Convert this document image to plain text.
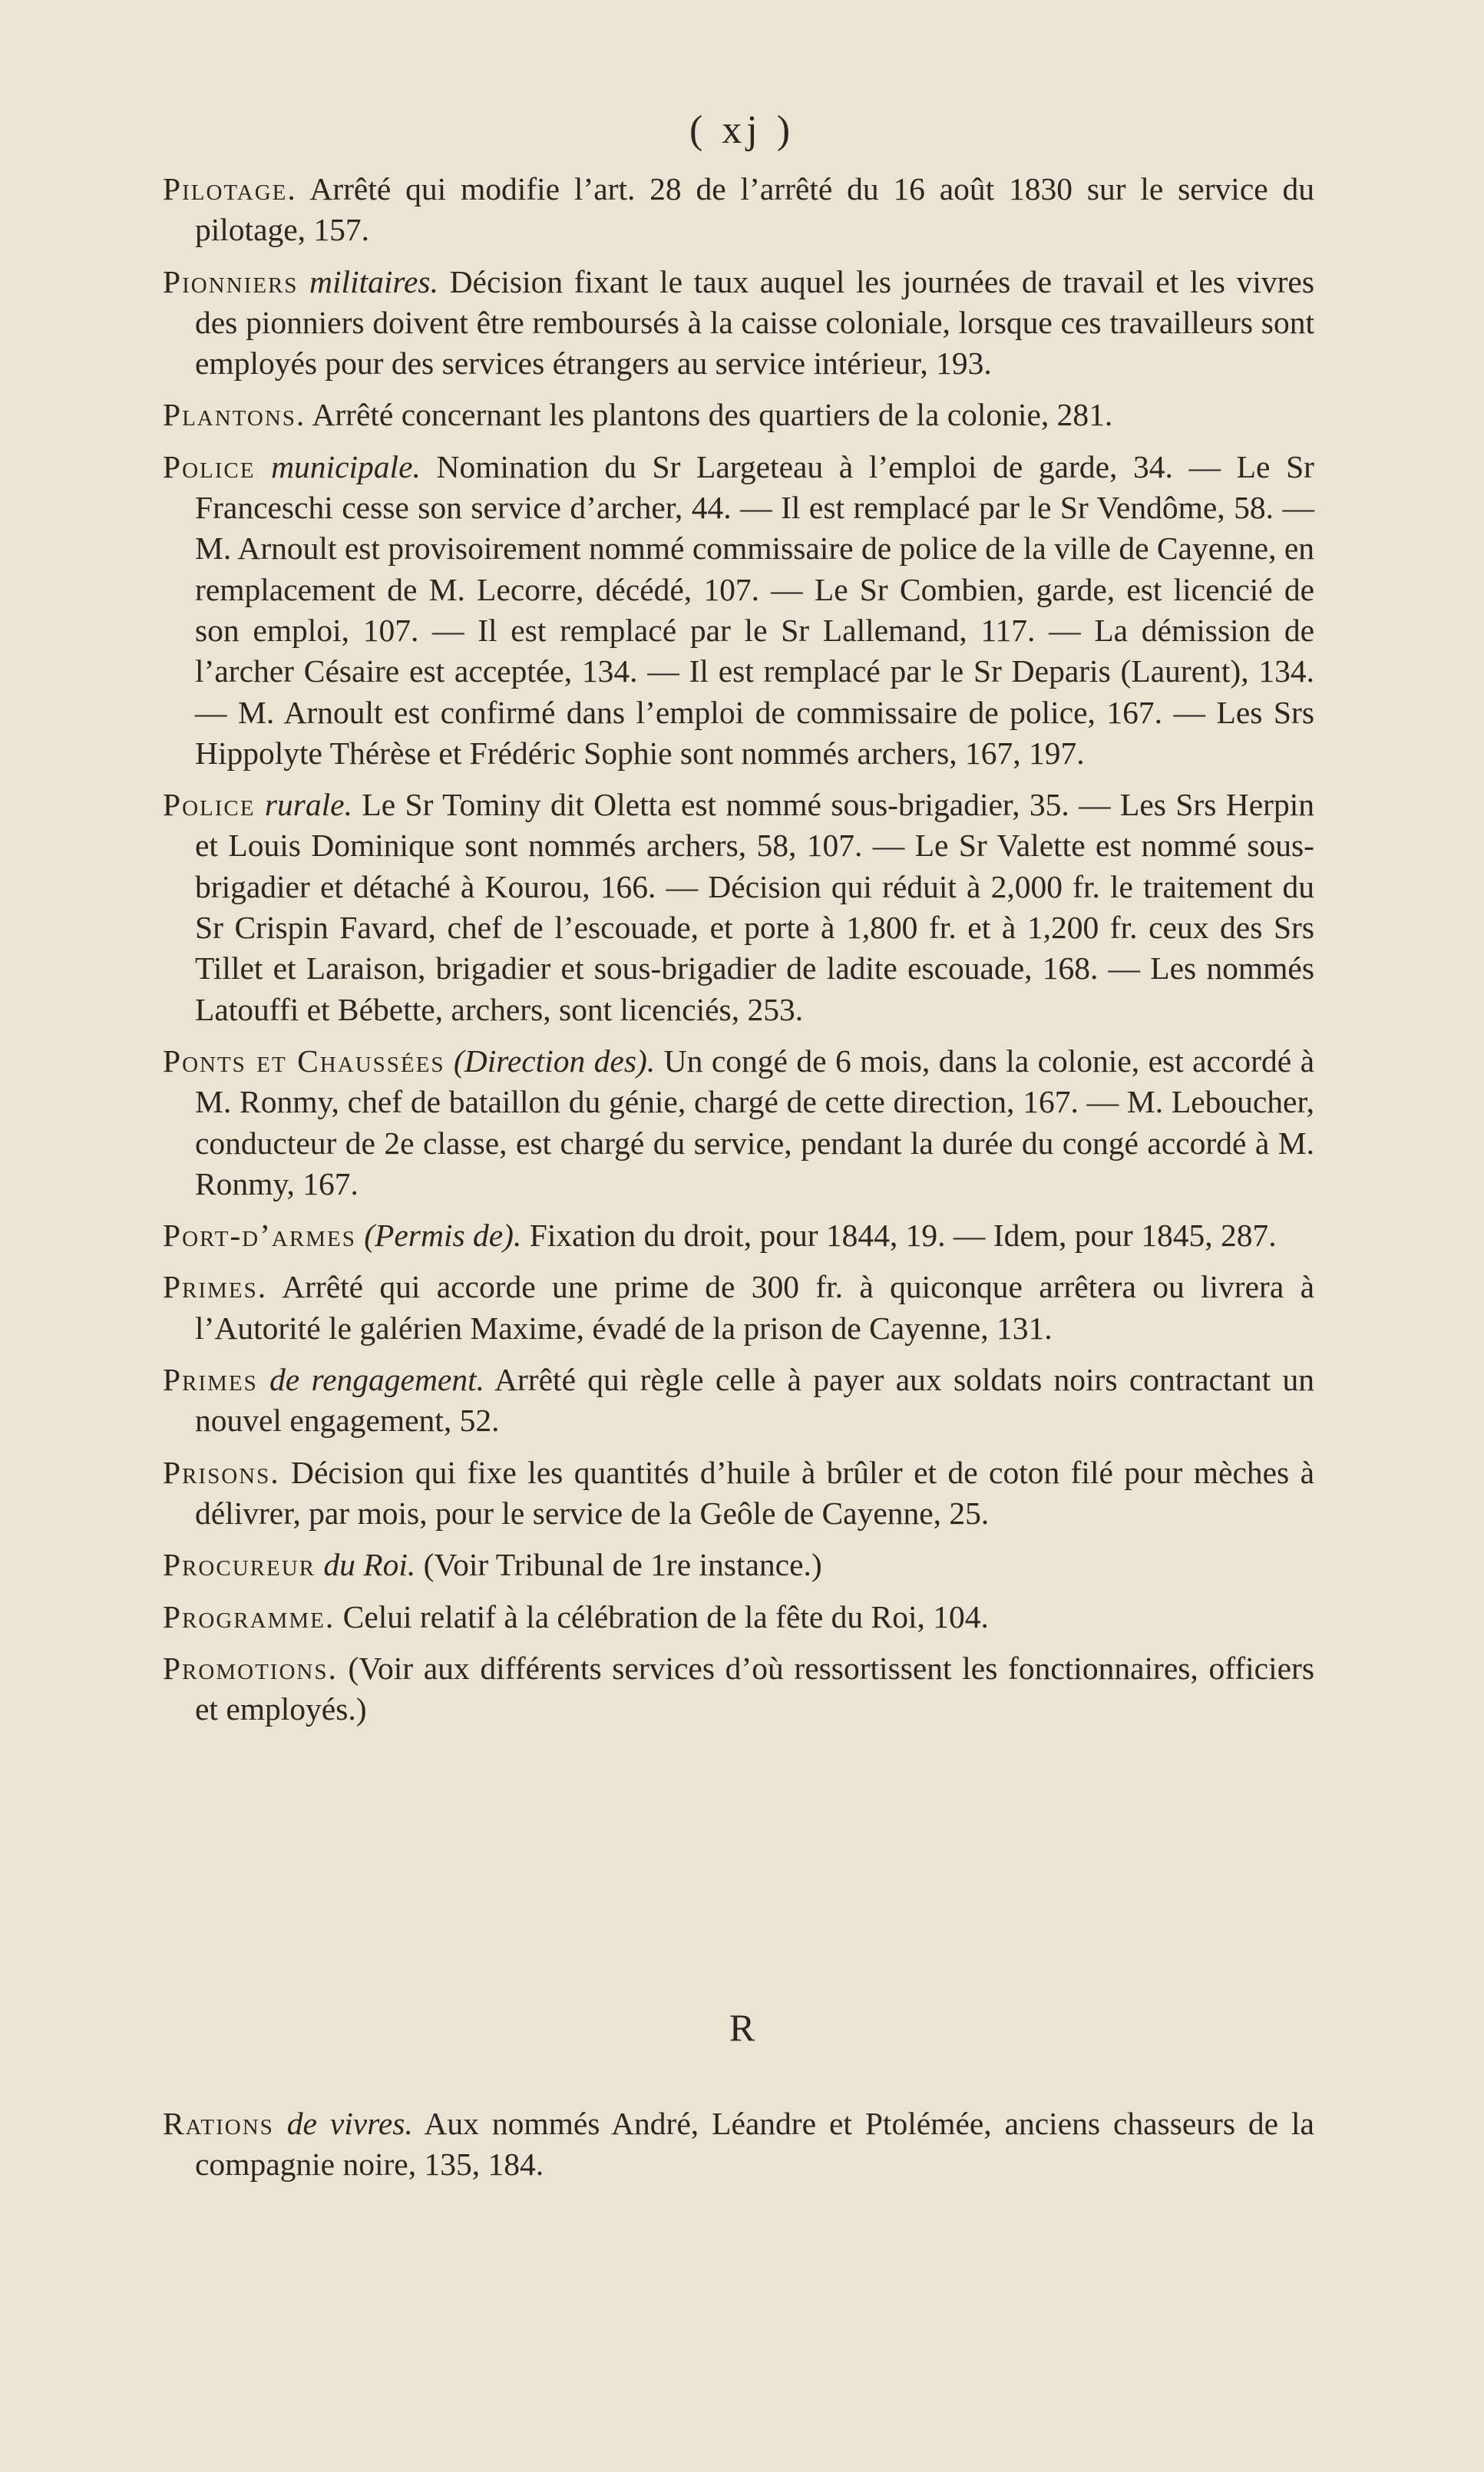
( xj )

Pilotage. Arrêté qui modifie l’art. 28 de l’arrêté du 16 août 1830 sur le service du pilotage, 157.

Pionniers militaires. Décision fixant le taux auquel les journées de travail et les vivres des pionniers doivent être remboursés à la caisse coloniale, lorsque ces travailleurs sont employés pour des services étrangers au service intérieur, 193.

Plantons. Arrêté concernant les plantons des quartiers de la colonie, 281.

Police municipale. Nomination du Sr Largeteau à l’emploi de garde, 34. — Le Sr Franceschi cesse son service d’archer, 44. — Il est remplacé par le Sr Vendôme, 58. — M. Arnoult est provisoirement nommé commissaire de police de la ville de Cayenne, en remplacement de M. Lecorre, décédé, 107. — Le Sr Combien, garde, est licencié de son emploi, 107. — Il est remplacé par le Sr Lallemand, 117. — La démission de l’archer Césaire est acceptée, 134. — Il est remplacé par le Sr Deparis (Laurent), 134. — M. Arnoult est confirmé dans l’emploi de commissaire de police, 167. — Les Srs Hippolyte Thérèse et Frédéric Sophie sont nommés archers, 167, 197.

Police rurale. Le Sr Tominy dit Oletta est nommé sous-brigadier, 35. — Les Srs Herpin et Louis Dominique sont nommés archers, 58, 107. — Le Sr Valette est nommé sous-brigadier et détaché à Kourou, 166. — Décision qui réduit à 2,000 fr. le traitement du Sr Crispin Favard, chef de l’escouade, et porte à 1,800 fr. et à 1,200 fr. ceux des Srs Tillet et Laraison, brigadier et sous-brigadier de ladite escouade, 168. — Les nommés Latouffi et Bébette, archers, sont licenciés, 253.

Ponts et Chaussées (Direction des). Un congé de 6 mois, dans la colonie, est accordé à M. Ronmy, chef de bataillon du génie, chargé de cette direction, 167. — M. Leboucher, conducteur de 2e classe, est chargé du service, pendant la durée du congé accordé à M. Ronmy, 167.

Port-d’armes (Permis de). Fixation du droit, pour 1844, 19. — Idem, pour 1845, 287.

Primes. Arrêté qui accorde une prime de 300 fr. à quiconque arrêtera ou livrera à l’Autorité le galérien Maxime, évadé de la prison de Cayenne, 131.

Primes de rengagement. Arrêté qui règle celle à payer aux soldats noirs contractant un nouvel engagement, 52.

Prisons. Décision qui fixe les quantités d’huile à brûler et de coton filé pour mèches à délivrer, par mois, pour le service de la Geôle de Cayenne, 25.

Procureur du Roi. (Voir Tribunal de 1re instance.)

Programme. Celui relatif à la célébration de la fête du Roi, 104.

Promotions. (Voir aux différents services d’où ressortissent les fonctionnaires, officiers et employés.)

R

Rations de vivres. Aux nommés André, Léandre et Ptolémée, anciens chasseurs de la compagnie noire, 135, 184.
